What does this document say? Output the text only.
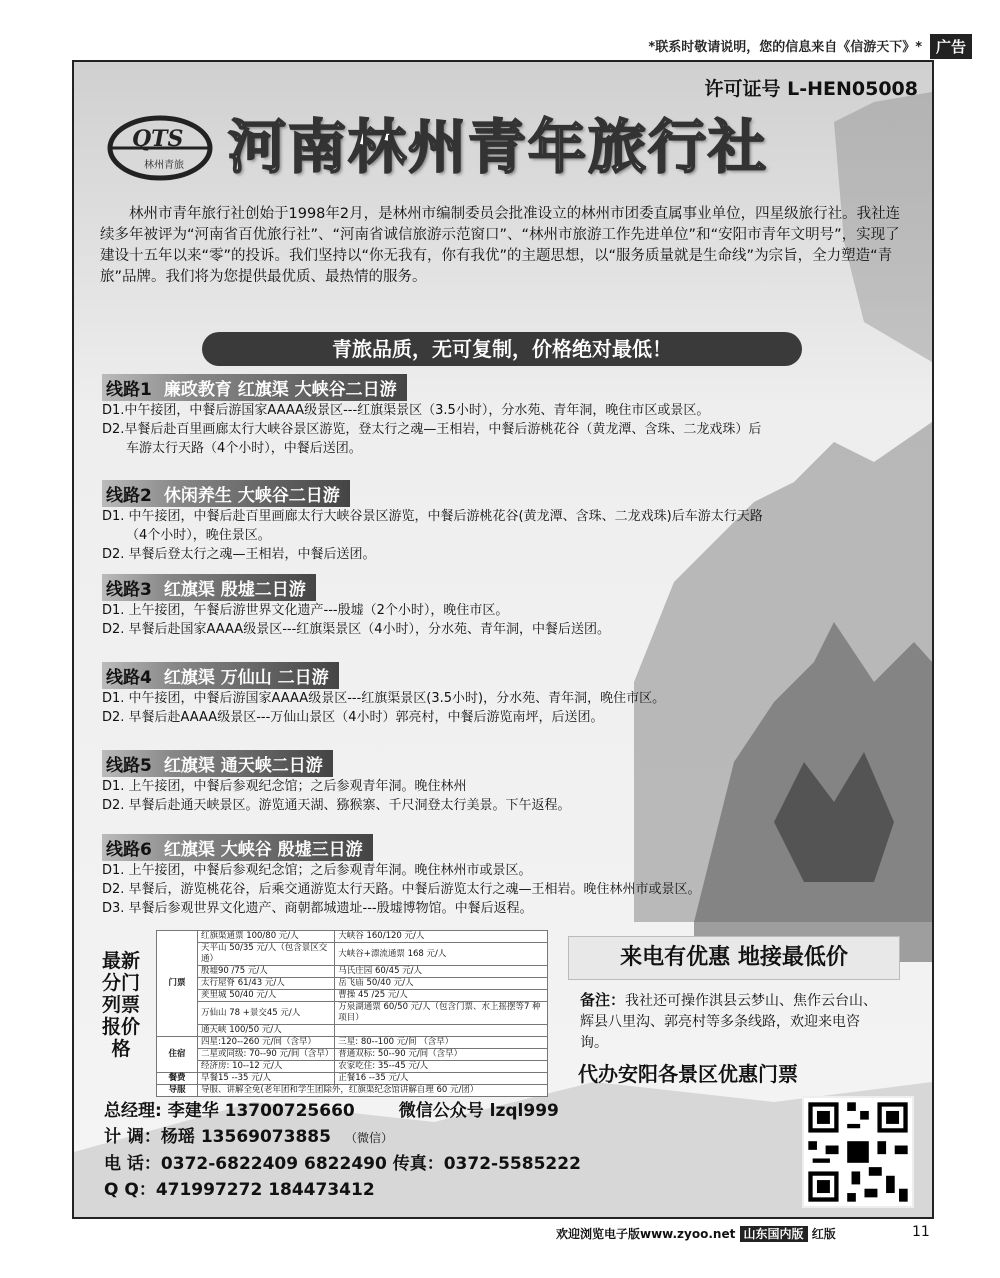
*联系时敬请说明，您的信息来自《信游天下》* 广告
许可证号 L-HEN05008
QTS
林州青旅 河南林州青年旅行社

林州市青年旅行社创始于1998年2月，是林州市编制委员会批准设立的林州市团委直属事业单位，四星级旅行社。我社连续多年被评为“河南省百优旅行社”、“河南省诚信旅游示范窗口”、“林州市旅游工作先进单位”和“安阳市青年文明号”，实现了建设十五年以来“零”的投诉。我们坚持以“你无我有，你有我优”的主题思想，以“服务质量就是生命线”为宗旨，全力塑造“青旅”品牌。我们将为您提供最优质、最热情的服务。

青旅品质，无可复制，价格绝对最低！
线路1 廉政教育 红旗渠 大峡谷二日游
D1.中午接团，中餐后游国家AAAA级景区---红旗渠景区（3.5小时），分水苑、青年洞，晚住市区或景区。
D2.早餐后赴百里画廊太行大峡谷景区游览，登太行之魂—王相岩，中餐后游桃花谷（黄龙潭、含珠、二龙戏珠）后
车游太行天路（4个小时），中餐后送团。
线路2 休闲养生 大峡谷二日游
D1. 中午接团，中餐后赴百里画廊太行大峡谷景区游览，中餐后游桃花谷(黄龙潭、含珠、二龙戏珠)后车游太行天路
（4个小时），晚住景区。
D2. 早餐后登太行之魂—王相岩，中餐后送团。
线路3 红旗渠 殷墟二日游
D1. 上午接团，午餐后游世界文化遗产---殷墟（2个小时），晚住市区。
D2. 早餐后赴国家AAAA级景区---红旗渠景区（4小时），分水苑、青年洞，中餐后送团。
线路4 红旗渠 万仙山 二日游
D1. 中午接团，中餐后游国家AAAA级景区---红旗渠景区(3.5小时)，分水苑、青年洞，晚住市区。
D2. 早餐后赴AAAA级景区---万仙山景区（4小时）郭亮村，中餐后游览南坪，后送团。
线路5 红旗渠 通天峡二日游
D1. 上午接团，中餐后参观纪念馆；之后参观青年洞。晚住林州
D2. 早餐后赴通天峡景区。游览通天湖、猕猴寨、千尺洞登太行美景。下午返程。
线路6 红旗渠 大峡谷 殷墟三日游
D1. 上午接团，中餐后参观纪念馆；之后参观青年洞。晚住林州市或景区。
D2. 早餐后，游览桃花谷，后乘交通游览太行天路。中餐后游览太行之魂—王相岩。晚住林州市或景区。
D3. 早餐后参观世界文化遗产、商朝都城遗址---殷墟博物馆。中餐后返程。
最新分门列票报价格
门票	红旗渠通票 100/80 元/人	大峡谷 160/120 元/人
	天平山 50/35 元/人（包含景区交通）	大峡谷+漂流通票 168 元/人
	殷墟90 /75 元/人	马氏庄园 60/45 元/人
	太行屋脊 61/43 元/人	岳飞庙 50/40 元/人
	羑里城 50/40 元/人	曹操 45 /25 元/人
	万仙山 78 +景交45 元/人	万泉湖通票 60/50 元/人（包含门票、水上摇摆等7 种项目）
	通天峡 100/50 元/人	
住宿	四星:120--260 元/间（含早）	三星: 80--100 元/间 （含早）
	二星或同级: 70--90 元/间（含早）	普通双标: 50--90 元/间（含早）
	经济房: 10--12 元/人	农家吃住: 35--45 元/人
餐费	早餐15 --35 元/人	正餐16 --35 元/人
导服	导服、讲解全免(老年团和学生团除外，红旗渠纪念馆讲解自理 60 元/团）	
来电有优惠 地接最低价
备注：我社还可操作淇县云梦山、焦作云台山、辉县八里沟、郭亮村等多条线路，欢迎来电咨询。
代办安阳各景区优惠门票
总经理: 李建华 13700725660	微信公众号 lzql999
计 调：杨瑶 13569073885 （微信）
电 话：0372-6822409 6822490 传真：0372-5585222
Q Q：471997272 184473412
欢迎浏览电子版www.zyoo.net 山东国内版 红版	11
